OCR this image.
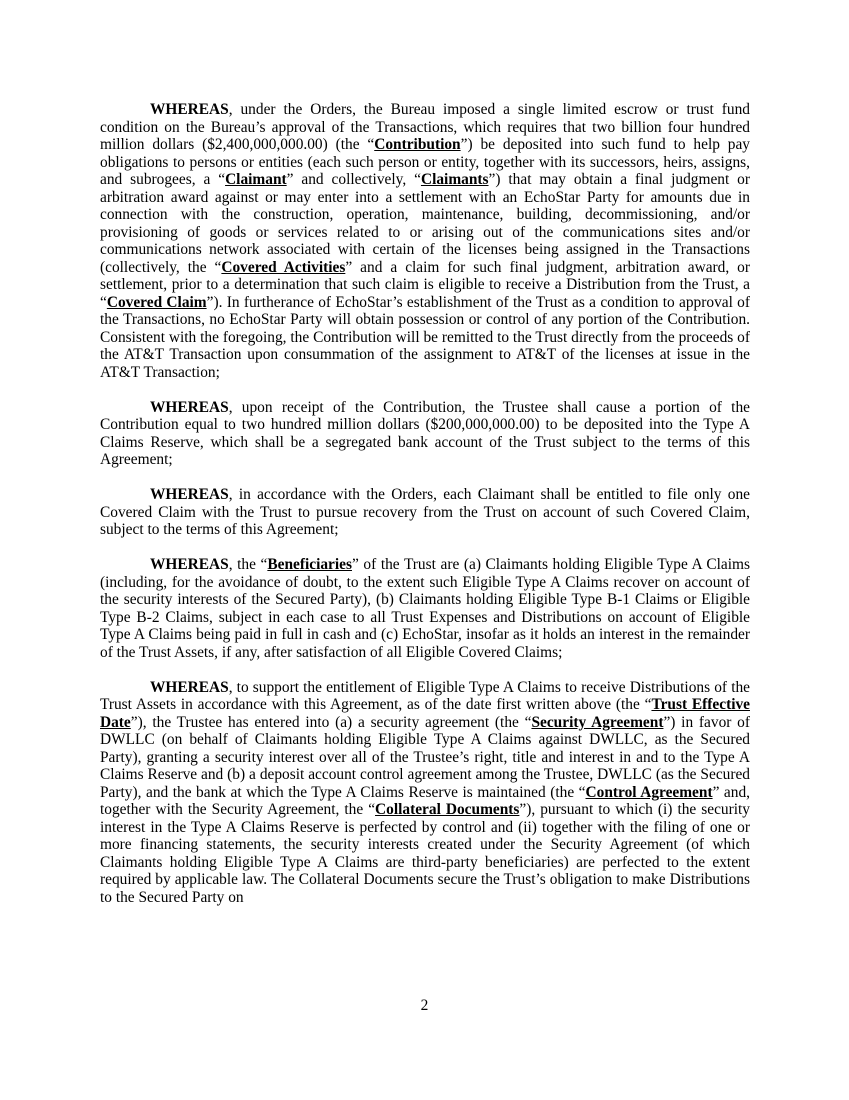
WHEREAS, under the Orders, the Bureau imposed a single limited escrow or trust fund condition on the Bureau’s approval of the Transactions, which requires that two billion four hundred million dollars ($2,400,000,000.00) (the “Contribution”) be deposited into such fund to help pay obligations to persons or entities (each such person or entity, together with its successors, heirs, assigns, and subrogees, a “Claimant” and collectively, “Claimants”) that may obtain a final judgment or arbitration award against or may enter into a settlement with an EchoStar Party for amounts due in connection with the construction, operation, maintenance, building, decommissioning, and/or provisioning of goods or services related to or arising out of the communications sites and/or communications network associated with certain of the licenses being assigned in the Transactions (collectively, the “Covered Activities” and a claim for such final judgment, arbitration award, or settlement, prior to a determination that such claim is eligible to receive a Distribution from the Trust, a “Covered Claim”). In furtherance of EchoStar’s establishment of the Trust as a condition to approval of the Transactions, no EchoStar Party will obtain possession or control of any portion of the Contribution. Consistent with the foregoing, the Contribution will be remitted to the Trust directly from the proceeds of the AT&T Transaction upon consummation of the assignment to AT&T of the licenses at issue in the AT&T Transaction;

WHEREAS, upon receipt of the Contribution, the Trustee shall cause a portion of the Contribution equal to two hundred million dollars ($200,000,000.00) to be deposited into the Type A Claims Reserve, which shall be a segregated bank account of the Trust subject to the terms of this Agreement;

WHEREAS, in accordance with the Orders, each Claimant shall be entitled to file only one Covered Claim with the Trust to pursue recovery from the Trust on account of such Covered Claim, subject to the terms of this Agreement;

WHEREAS, the “Beneficiaries” of the Trust are (a) Claimants holding Eligible Type A Claims (including, for the avoidance of doubt, to the extent such Eligible Type A Claims recover on account of the security interests of the Secured Party), (b) Claimants holding Eligible Type B-1 Claims or Eligible Type B-2 Claims, subject in each case to all Trust Expenses and Distributions on account of Eligible Type A Claims being paid in full in cash and (c) EchoStar, insofar as it holds an interest in the remainder of the Trust Assets, if any, after satisfaction of all Eligible Covered Claims;

WHEREAS, to support the entitlement of Eligible Type A Claims to receive Distributions of the Trust Assets in accordance with this Agreement, as of the date first written above (the “Trust Effective Date”), the Trustee has entered into (a) a security agreement (the “Security Agreement”) in favor of DWLLC (on behalf of Claimants holding Eligible Type A Claims against DWLLC, as the Secured Party), granting a security interest over all of the Trustee’s right, title and interest in and to the Type A Claims Reserve and (b) a deposit account control agreement among the Trustee, DWLLC (as the Secured Party), and the bank at which the Type A Claims Reserve is maintained (the “Control Agreement” and, together with the Security Agreement, the “Collateral Documents”), pursuant to which (i) the security interest in the Type A Claims Reserve is perfected by control and (ii) together with the filing of one or more financing statements, the security interests created under the Security Agreement (of which Claimants holding Eligible Type A Claims are third-party beneficiaries) are perfected to the extent required by applicable law. The Collateral Documents secure the Trust’s obligation to make Distributions to the Secured Party on

2
